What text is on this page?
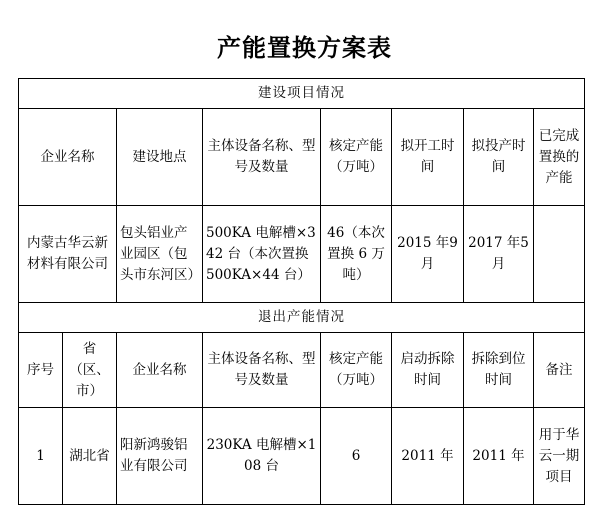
产能置换方案表
建设项目情况							
企业名称		建设地点	主体设备名称、型号及数量	核定产能（万吨）	拟开工时间	拟投产时间	已完成置换的产能
内蒙古华云新材料有限公司		包头铝业产业园区（包头市东河区）	500KA 电解槽×342 台（本次置换 500KA×44 台）	46（本次置换 6 万吨）	2015 年9 月	2017 年5 月	
退出产能情况							
序号	省（区、市）	企业名称	主体设备名称、型号及数量	核定产能（万吨）	启动拆除时间	拆除到位时间	备注
1	湖北省	阳新鸿骏铝业有限公司	230KA 电解槽×108 台	6	2011 年	2011 年	用于华云一期项目
